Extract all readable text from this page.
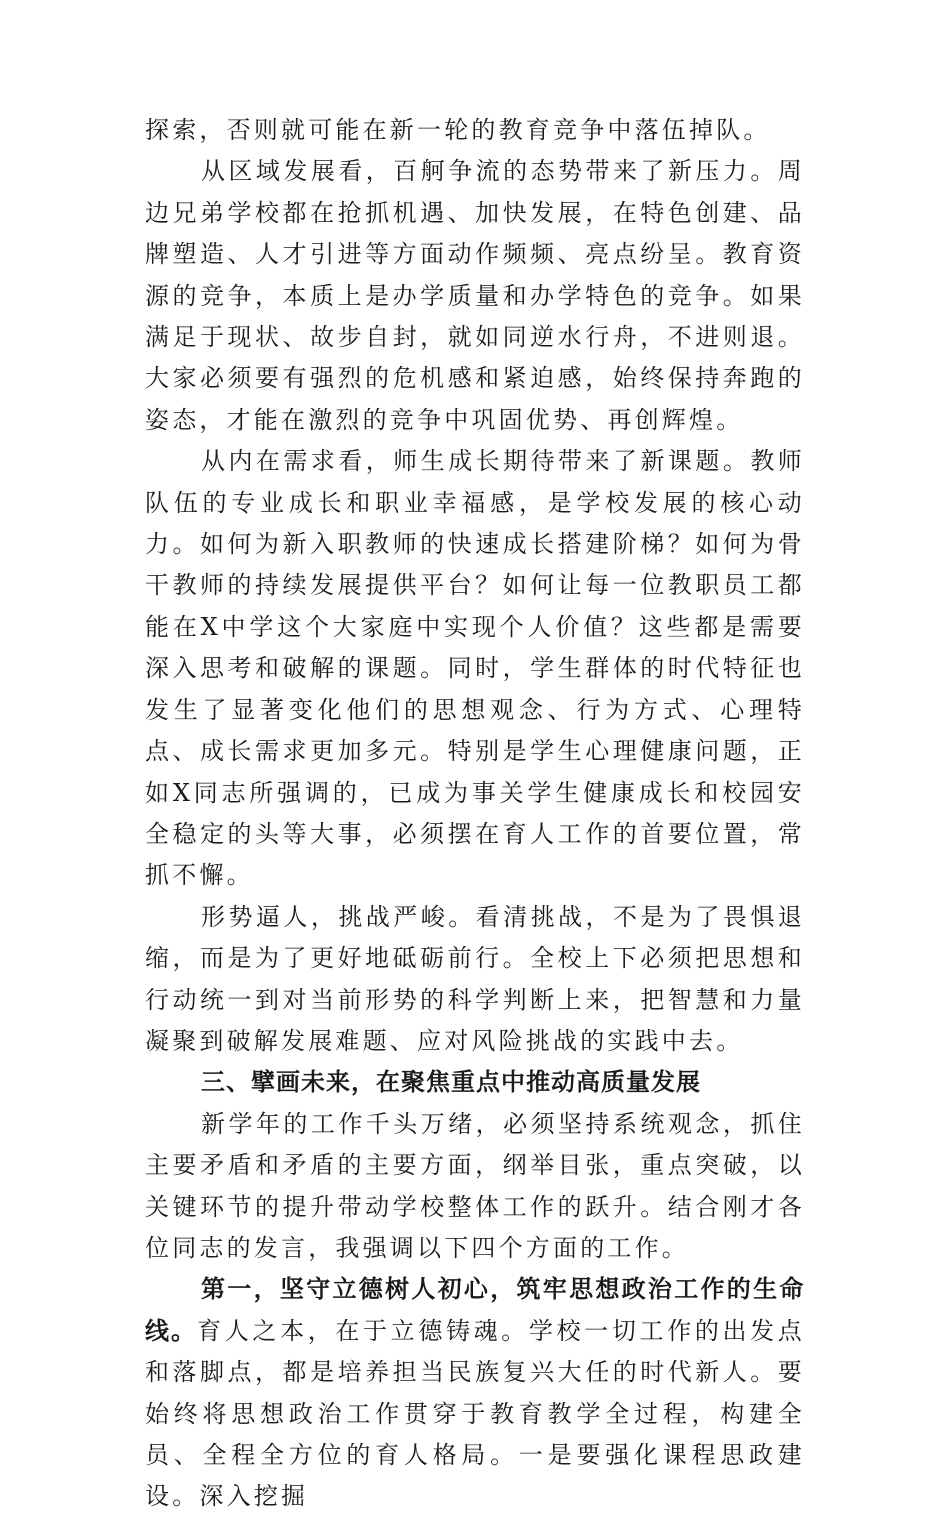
探索，否则就可能在新一轮的教育竞争中落伍掉队。

从区域发展看，百舸争流的态势带来了新压力。周边兄弟学校都在抢抓机遇、加快发展，在特色创建、品牌塑造、人才引进等方面动作频频、亮点纷呈。教育资源的竞争，本质上是办学质量和办学特色的竞争。如果满足于现状、故步自封，就如同逆水行舟，不进则退。大家必须要有强烈的危机感和紧迫感，始终保持奔跑的姿态，才能在激烈的竞争中巩固优势、再创辉煌。

从内在需求看，师生成长期待带来了新课题。教师队伍的专业成长和职业幸福感，是学校发展的核心动力。如何为新入职教师的快速成长搭建阶梯？如何为骨干教师的持续发展提供平台？如何让每一位教职员工都能在X中学这个大家庭中实现个人价值？这些都是需要深入思考和破解的课题。同时，学生群体的时代特征也发生了显著变化他们的思想观念、行为方式、心理特点、成长需求更加多元。特别是学生心理健康问题，正如X同志所强调的，已成为事关学生健康成长和校园安全稳定的头等大事，必须摆在育人工作的首要位置，常抓不懈。

形势逼人，挑战严峻。看清挑战，不是为了畏惧退缩，而是为了更好地砥砺前行。全校上下必须把思想和行动统一到对当前形势的科学判断上来，把智慧和力量凝聚到破解发展难题、应对风险挑战的实践中去。

三、擘画未来，在聚焦重点中推动高质量发展

新学年的工作千头万绪，必须坚持系统观念，抓住主要矛盾和矛盾的主要方面，纲举目张，重点突破，以关键环节的提升带动学校整体工作的跃升。结合刚才各位同志的发言，我强调以下四个方面的工作。

第一，坚守立德树人初心，筑牢思想政治工作的生命线。育人之本，在于立德铸魂。学校一切工作的出发点和落脚点，都是培养担当民族复兴大任的时代新人。要始终将思想政治工作贯穿于教育教学全过程，构建全员、全程全方位的育人格局。一是要强化课程思政建设。深入挖掘
